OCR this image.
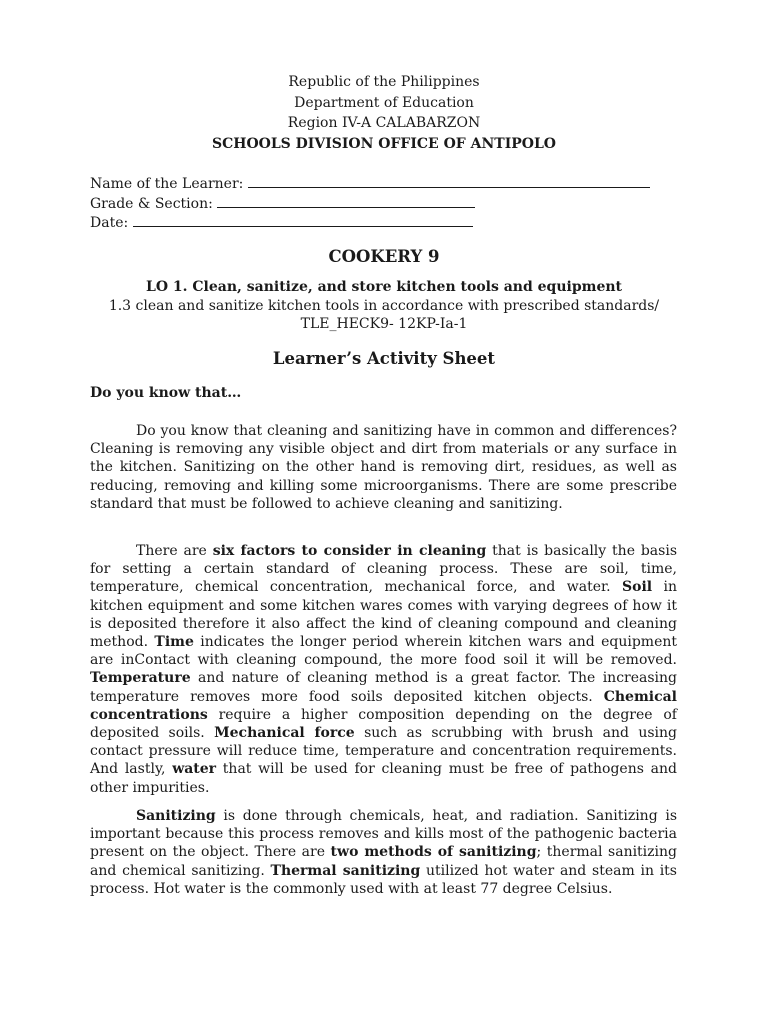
Republic of the Philippines
Department of Education
Region IV-A CALABARZON
SCHOOLS DIVISION OFFICE OF ANTIPOLO
Name of the Learner:
Grade & Section:
Date:
COOKERY 9
LO 1. Clean, sanitize, and store kitchen tools and equipment
1.3 clean and sanitize kitchen tools in accordance with prescribed standards/
TLE_HECK9- 12KP-Ia-1
Learner’s Activity Sheet
Do you know that…

Do you know that cleaning and sanitizing have in common and differences? Cleaning is removing any visible object and dirt from materials or any surface in the kitchen. Sanitizing on the other hand is removing dirt, residues, as well as reducing, removing and killing some microorganisms. There are some prescribe standard that must be followed to achieve cleaning and sanitizing.

There are six factors to consider in cleaning that is basically the basis for setting a certain standard of cleaning process. These are soil, time, temperature, chemical concentration, mechanical force, and water. Soil in kitchen equipment and some kitchen wares comes with varying degrees of how it is deposited therefore it also affect the kind of cleaning compound and cleaning method. Time indicates the longer period wherein kitchen wars and equipment are inContact with cleaning compound, the more food soil it will be removed. Temperature and nature of cleaning method is a great factor. The increasing temperature removes more food soils deposited kitchen objects. Chemical concentrations require a higher composition depending on the degree of deposited soils. Mechanical force such as scrubbing with brush and using contact pressure will reduce time, temperature and concentration requirements. And lastly, water that will be used for cleaning must be free of pathogens and other impurities.

Sanitizing is done through chemicals, heat, and radiation. Sanitizing is important because this process removes and kills most of the pathogenic bacteria present on the object. There are two methods of sanitizing; thermal sanitizing and chemical sanitizing. Thermal sanitizing utilized hot water and steam in its process. Hot water is the commonly used with at least 77 degree Celsius.
